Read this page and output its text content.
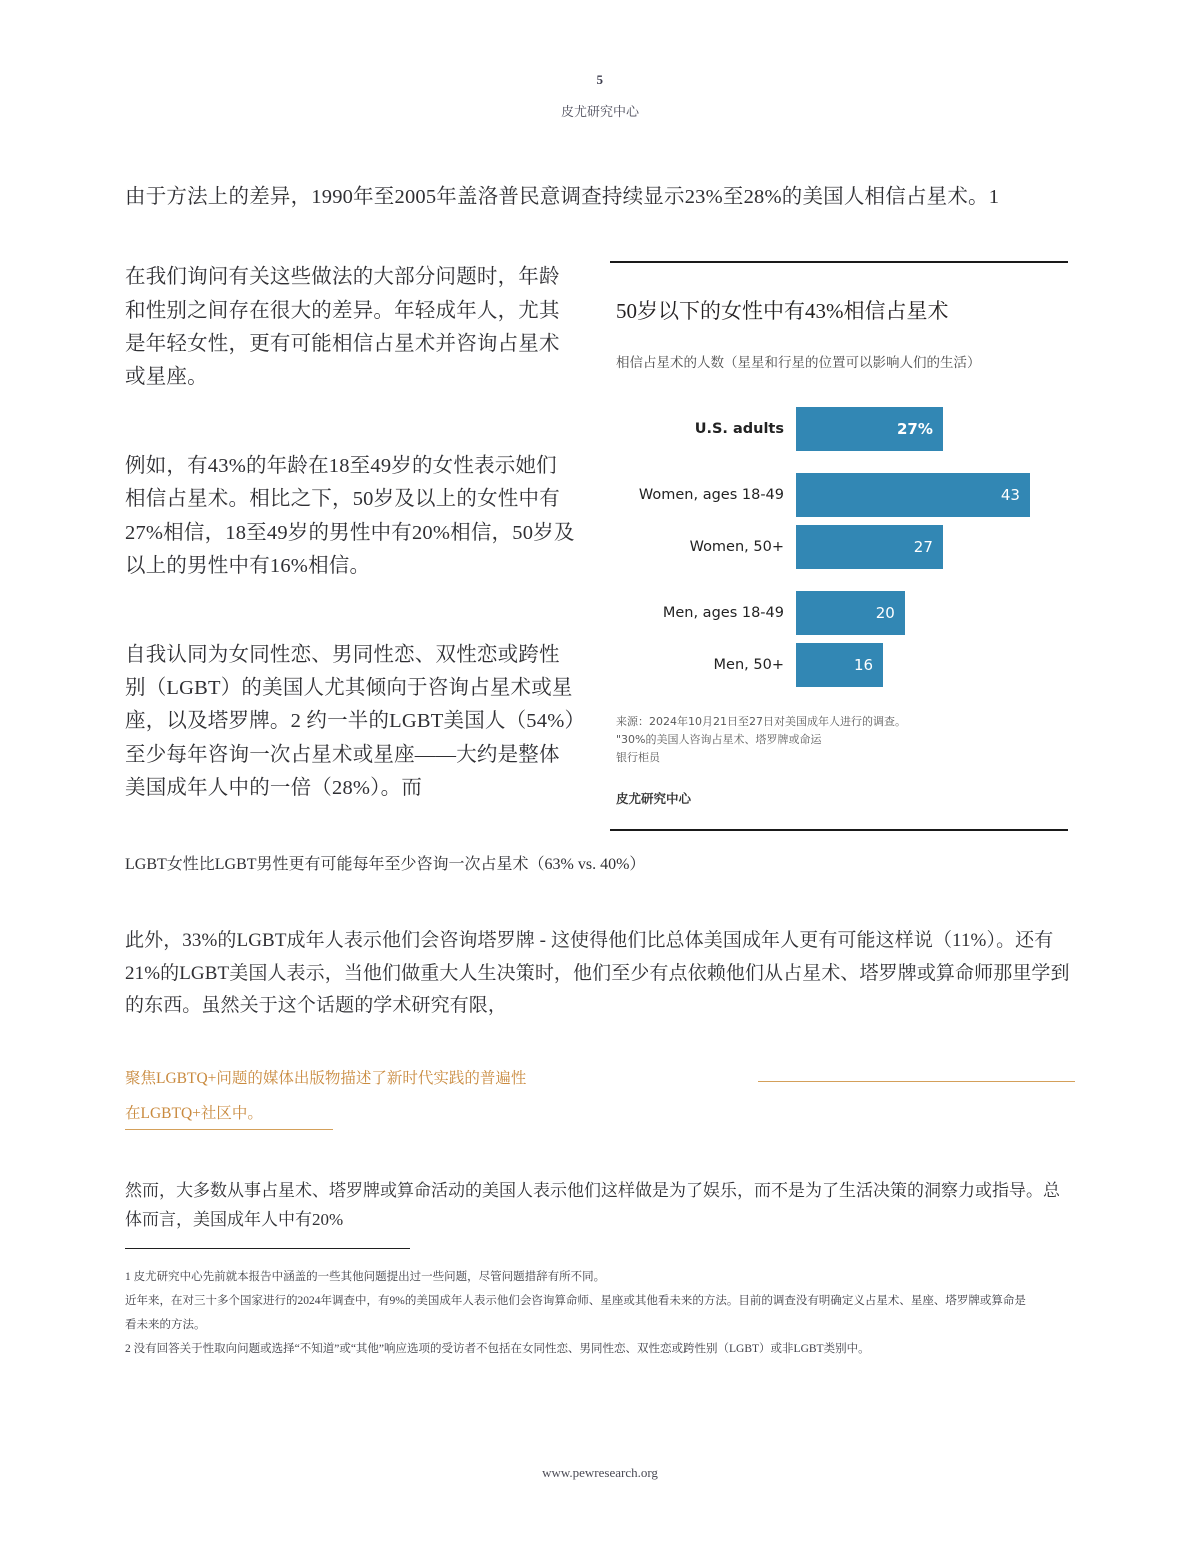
5
皮尤研究中心

由于方法上的差异，1990年至2005年盖洛普民意调查持续显示23%至28%的美国人相信占星术。1

在我们询问有关这些做法的大部分问题时，年龄和性别之间存在很大的差异。年轻成年人，尤其是年轻女性，更有可能相信占星术并咨询占星术或星座。

例如，有43%的年龄在18至49岁的女性表示她们相信占星术。相比之下，50岁及以上的女性中有27%相信，18至49岁的男性中有20%相信，50岁及以上的男性中有16%相信。

自我认同为女同性恋、男同性恋、双性恋或跨性别（LGBT）的美国人尤其倾向于咨询占星术或星座，以及塔罗牌。2 约一半的LGBT美国人（54%）至少每年咨询一次占星术或星座——大约是整体美国成年人中的一倍（28%）。而

50岁以下的女性中有43%相信占星术
相信占星术的人数（星星和行星的位置可以影响人们的生活）
U.S. adults	27%
Women, ages 18-49	43
Women, 50+	27
Men, ages 18-49	20
Men, 50+	16
来源：2024年10月21日至27日对美国成年人进行的调查。
"30%的美国人咨询占星术、塔罗牌或命运
银行柜员
皮尤研究中心

LGBT女性比LGBT男性更有可能每年至少咨询一次占星术（63% vs. 40%）

此外，33%的LGBT成年人表示他们会咨询塔罗牌 - 这使得他们比总体美国成年人更有可能这样说（11%）。还有21%的LGBT美国人表示，当他们做重大人生决策时，他们至少有点依赖他们从占星术、塔罗牌或算命师那里学到的东西。虽然关于这个话题的学术研究有限，

聚焦LGBTQ+问题的媒体出版物描述了新时代实践的普遍性
在LGBTQ+社区中。

然而，大多数从事占星术、塔罗牌或算命活动的美国人表示他们这样做是为了娱乐，而不是为了生活决策的洞察力或指导。总体而言，美国成年人中有20%

1 皮尤研究中心先前就本报告中涵盖的一些其他问题提出过一些问题，尽管问题措辞有所不同。
近年来，在对三十多个国家进行的2024年调查中，有9%的美国成年人表示他们会咨询算命师、星座或其他看未来的方法。目前的调查没有明确定义占星术、星座、塔罗牌或算命是
看未来的方法。
2 没有回答关于性取向问题或选择“不知道”或“其他”响应选项的受访者不包括在女同性恋、男同性恋、双性恋或跨性别（LGBT）或非LGBT类别中。
www.pewresearch.org
